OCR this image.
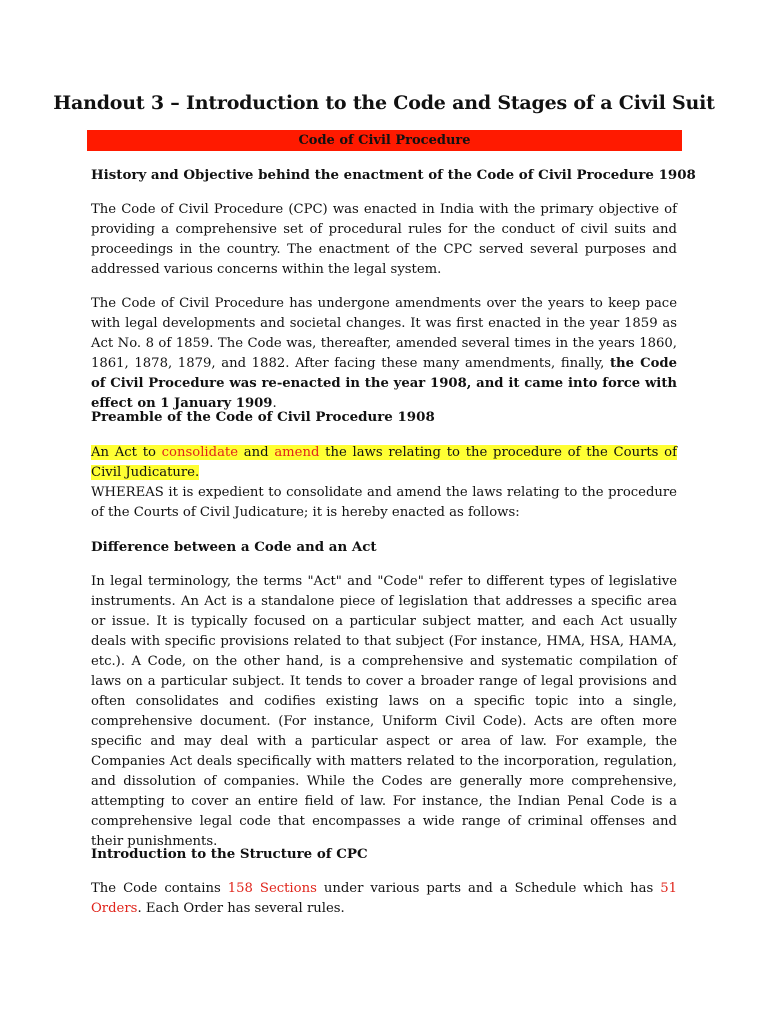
Handout 3 – Introduction to the Code and Stages of a Civil Suit
Code of Civil Procedure
History and Objective behind the enactment of the Code of Civil Procedure 1908

The Code of Civil Procedure (CPC) was enacted in India with the primary objective of providing a comprehensive set of procedural rules for the conduct of civil suits and proceedings in the country. The enactment of the CPC served several purposes and addressed various concerns within the legal system.

The Code of Civil Procedure has undergone amendments over the years to keep pace with legal developments and societal changes. It was first enacted in the year 1859 as Act No. 8 of 1859. The Code was, thereafter, amended several times in the years 1860, 1861, 1878, 1879, and 1882. After facing these many amendments, finally, the Code of Civil Procedure was re-enacted in the year 1908, and it came into force with effect on 1 January 1909.

Preamble of the Code of Civil Procedure 1908

An Act to consolidate and amend the laws relating to the procedure of the Courts of Civil Judicature.
WHEREAS it is expedient to consolidate and amend the laws relating to the procedure of the Courts of Civil Judicature; it is hereby enacted as follows:

Difference between a Code and an Act

In legal terminology, the terms "Act" and "Code" refer to different types of legislative instruments. An Act is a standalone piece of legislation that addresses a specific area or issue. It is typically focused on a particular subject matter, and each Act usually deals with specific provisions related to that subject (For instance, HMA, HSA, HAMA, etc.). A Code, on the other hand, is a comprehensive and systematic compilation of laws on a particular subject. It tends to cover a broader range of legal provisions and often consolidates and codifies existing laws on a specific topic into a single, comprehensive document. (For instance, Uniform Civil Code). Acts are often more specific and may deal with a particular aspect or area of law. For example, the Companies Act deals specifically with matters related to the incorporation, regulation, and dissolution of companies. While the Codes are generally more comprehensive, attempting to cover an entire field of law. For instance, the Indian Penal Code is a comprehensive legal code that encompasses a wide range of criminal offenses and their punishments.

Introduction to the Structure of CPC

The Code contains 158 Sections under various parts and a Schedule which has 51 Orders. Each Order has several rules.
